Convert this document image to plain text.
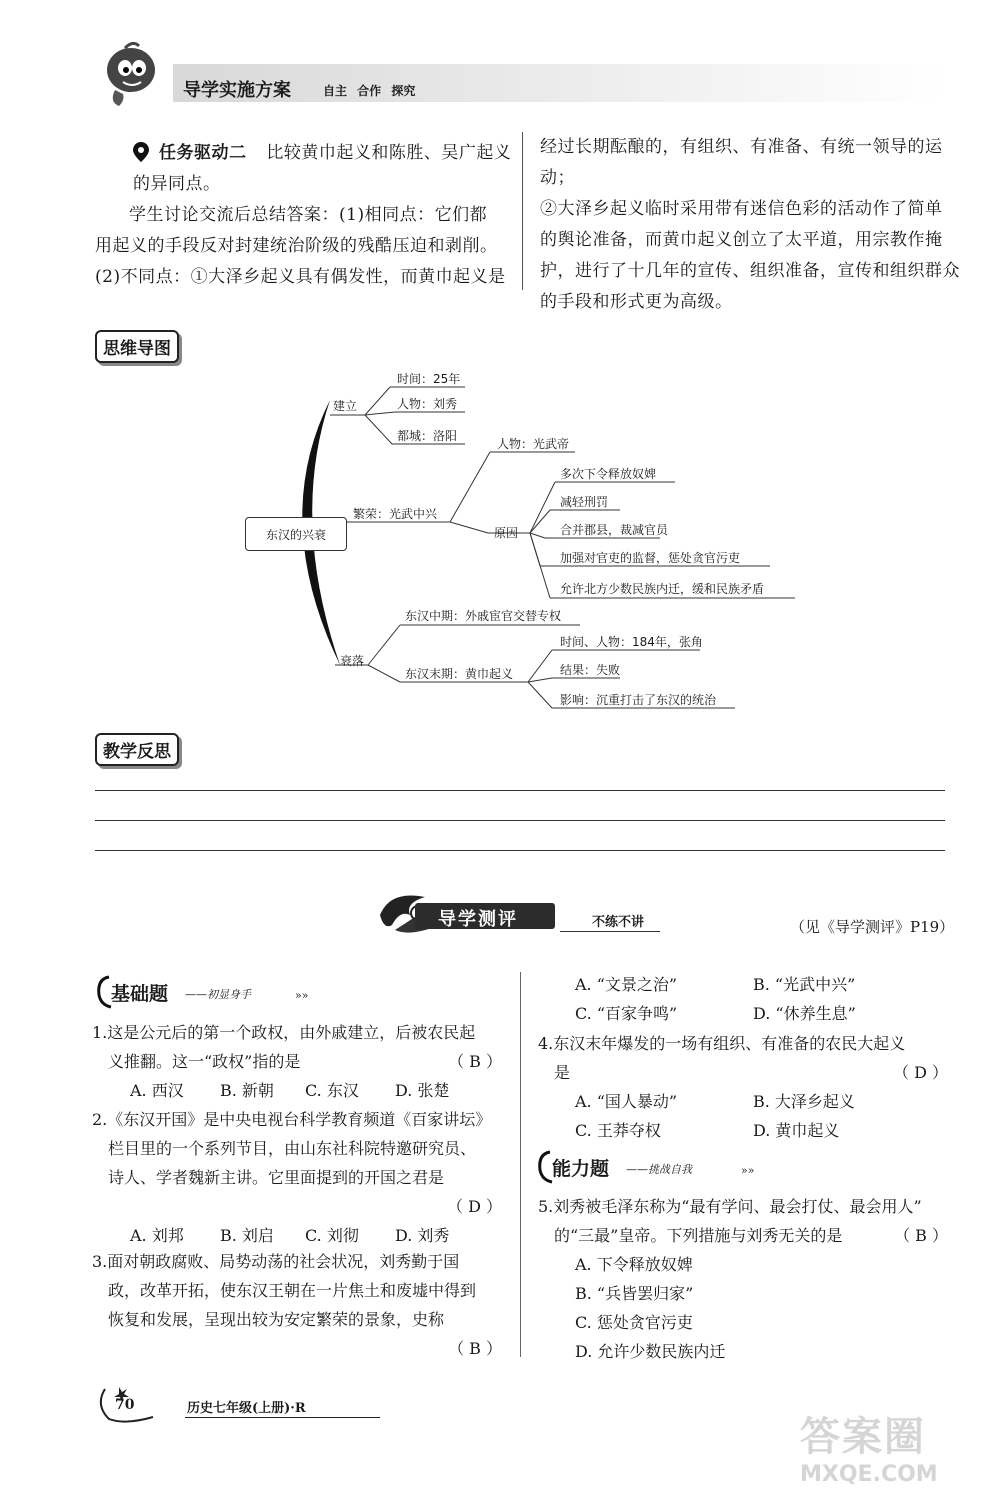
导学实施方案	自主 合作 探究
任务驱动二 比较黄巾起义和陈胜、吴广起义的异同点。
学生讨论交流后总结答案：(1)相同点：它们都
用起义的手段反对封建统治阶级的残酷压迫和剥削。
(2)不同点：①大泽乡起义具有偶发性，而黄巾起义是
经过长期酝酿的，有组织、有准备、有统一领导的运动；
②大泽乡起义临时采用带有迷信色彩的活动作了简单
的舆论准备，而黄巾起义创立了太平道，用宗教作掩
护，进行了十几年的宣传、组织准备，宣传和组织群众
的手段和形式更为高级。
思维导图
东汉的兴衰
建立
时间：25年
人物：刘秀
都城：洛阳
繁荣：光武中兴
人物：光武帝
原因
多次下令释放奴婢
减轻刑罚
合并郡县，裁减官员
加强对官吏的监督，惩处贪官污吏
允许北方少数民族内迁，缓和民族矛盾
衰落
东汉中期：外戚宦官交替专权
东汉末期：黄巾起义
时间、人物：184年，张角
结果：失败
影响：沉重打击了东汉的统治
教学反思
导学测评	不练不讲	（见《导学测评》P19）
基础题 ——初显身手	»»
1.这是公元后的第一个政权，由外戚建立，后被农民起
义推翻。这一“政权”指的是	（ B ）
A. 西汉 B. 新朝 C. 东汉 D. 张楚
2.《东汉开国》是中央电视台科学教育频道《百家讲坛》
栏目里的一个系列节目，由山东社科院特邀研究员、
诗人、学者魏新主讲。它里面提到的开国之君是
（ D ）
A. 刘邦 B. 刘启 C. 刘彻 D. 刘秀
3.面对朝政腐败、局势动荡的社会状况，刘秀勤于国
政，改革开拓，使东汉王朝在一片焦土和废墟中得到
恢复和发展，呈现出较为安定繁荣的景象，史称
（ B ）
A. “文景之治”	B. “光武中兴”
C. “百家争鸣”	D. “休养生息”
4.东汉末年爆发的一场有组织、有准备的农民大起义
是	（ D ）
A. “国人暴动”	B. 大泽乡起义
C. 王莽夺权	D. 黄巾起义
能力题 ——挑战自我	»»
5.刘秀被毛泽东称为“最有学问、最会打仗、最会用人”
的“三最”皇帝。下列措施与刘秀无关的是	（ B ）
A. 下令释放奴婢
B. “兵皆罢归家”
C. 惩处贪官污吏
D. 允许少数民族内迁
70	历史七年级(上册)·R
答案圈
MXQE.COM
